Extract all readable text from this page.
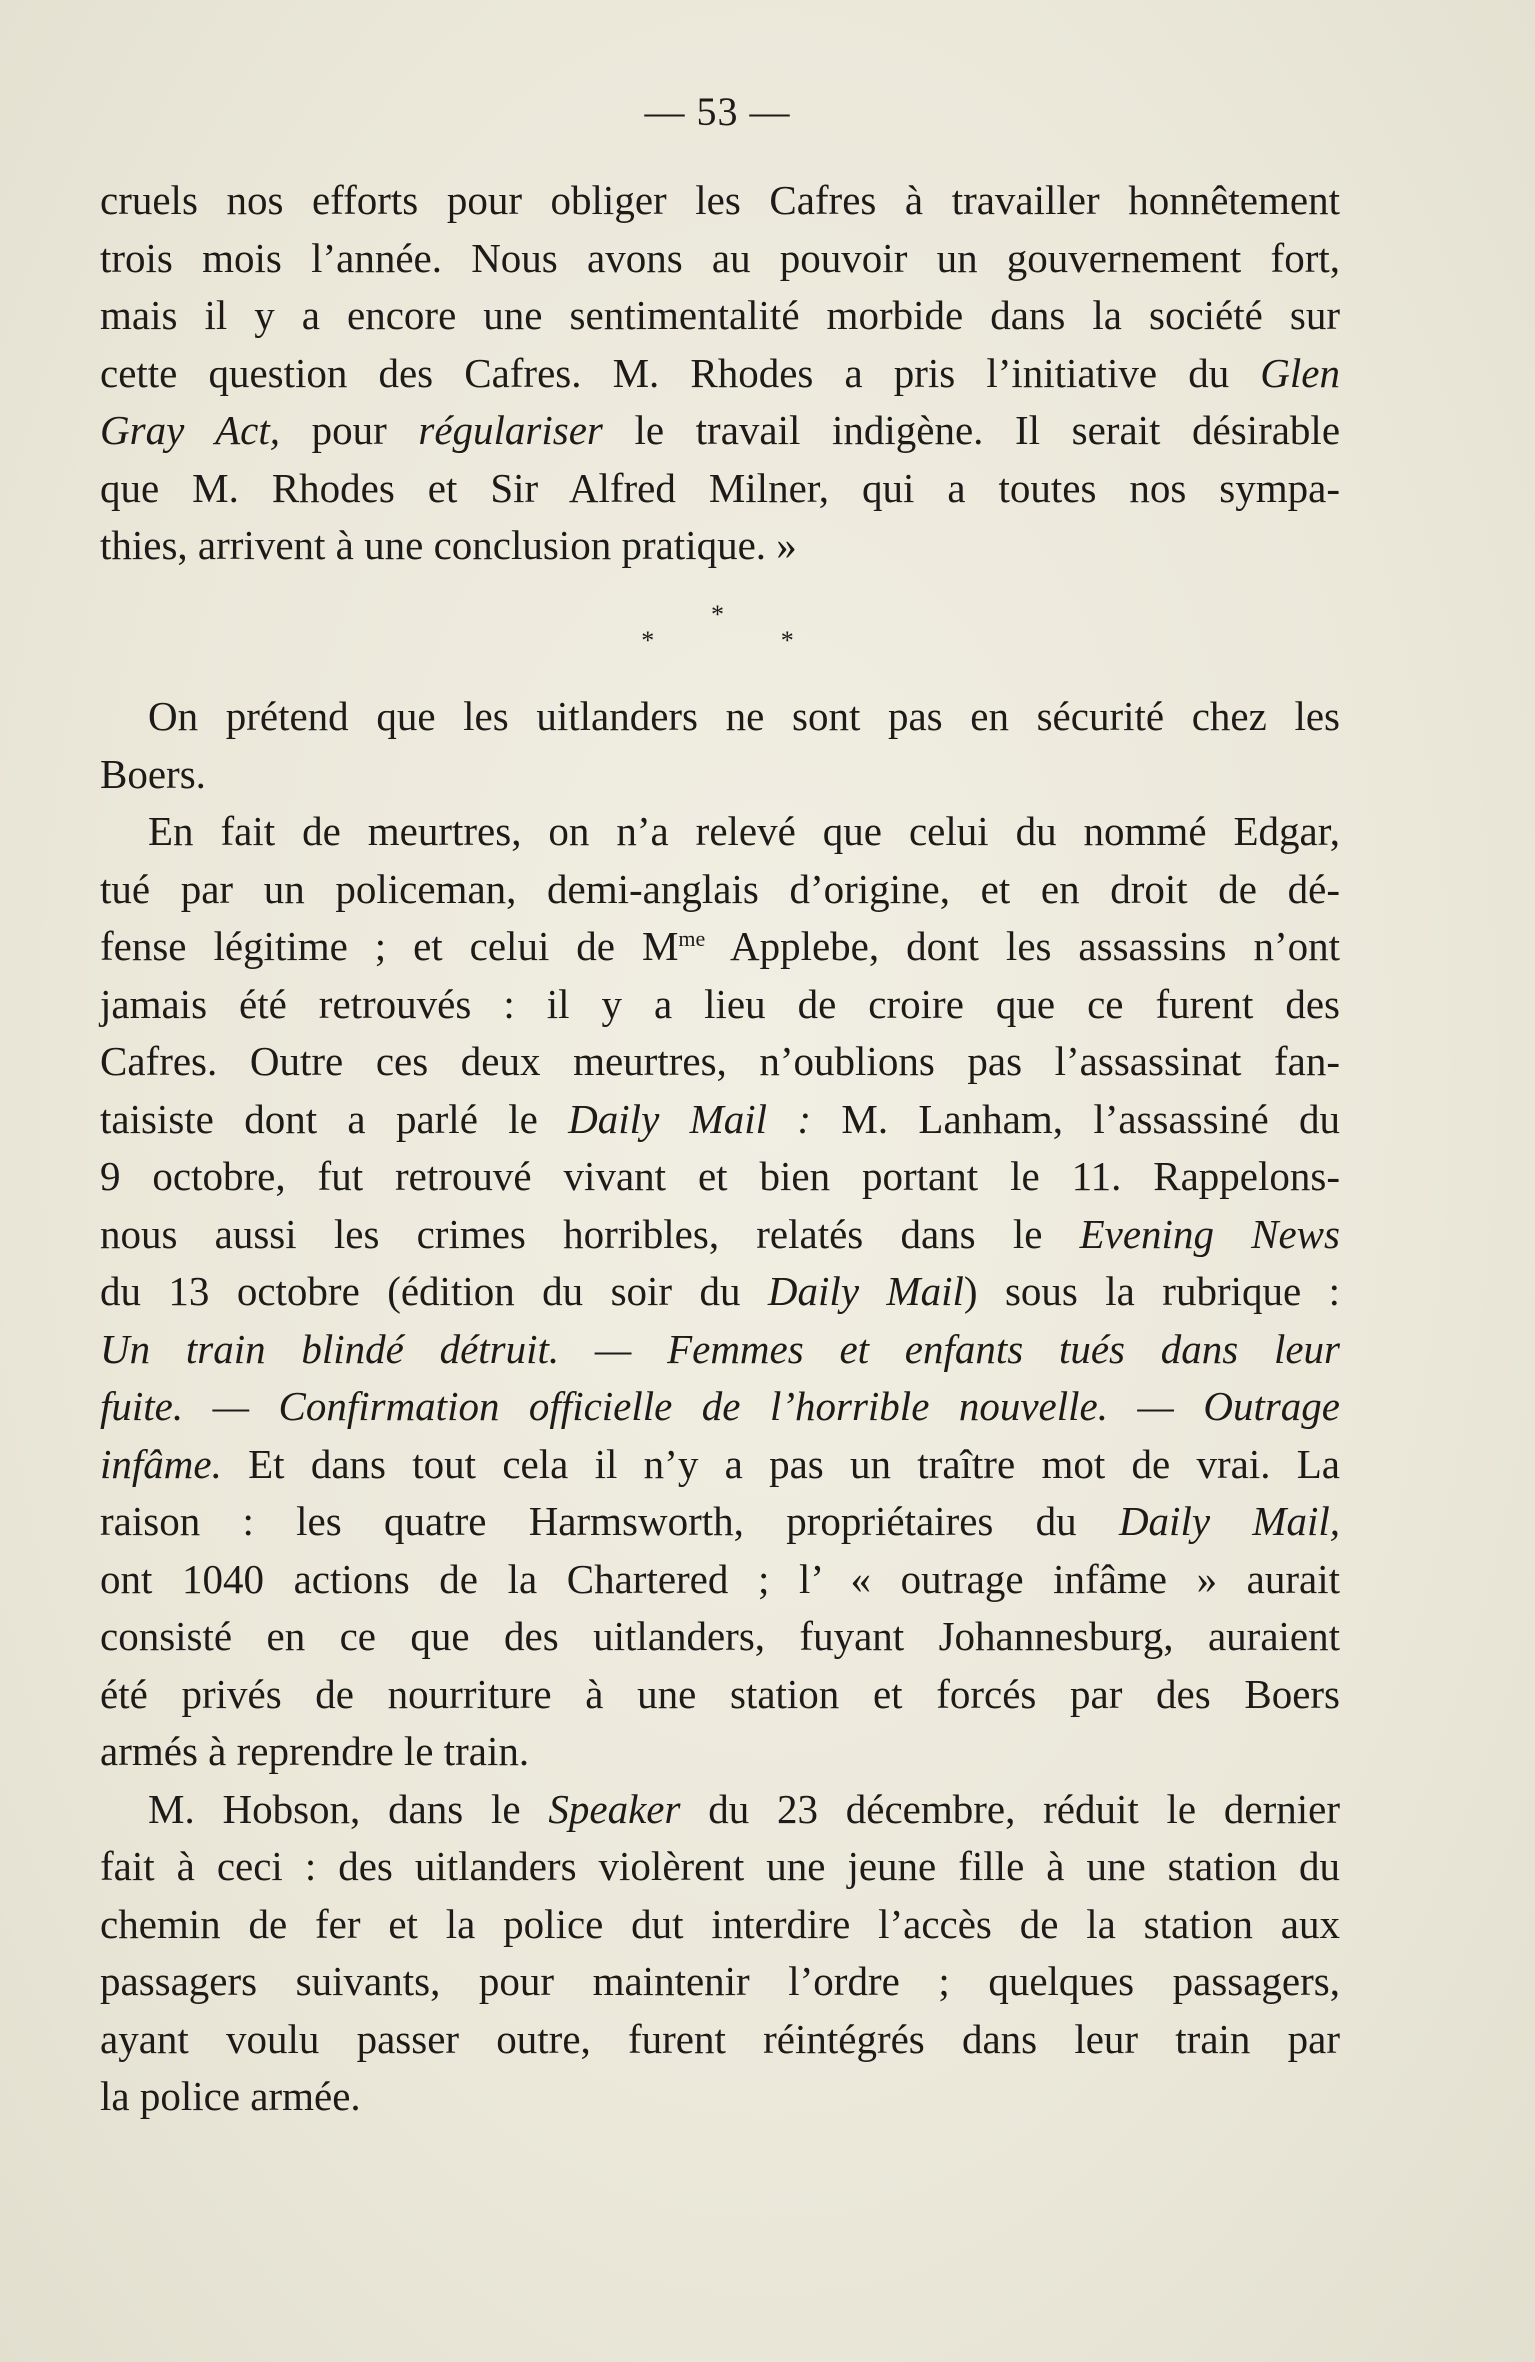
— 53 —
cruels nos efforts pour obliger les Cafres à travailler honnêtement
trois mois l’année. Nous avons au pouvoir un gouvernement fort,
mais il y a encore une sentimentalité morbide dans la société sur
cette question des Cafres. M. Rhodes a pris l’initiative du Glen
Gray Act, pour régulariser le travail indigène. Il serait désirable
que M. Rhodes et Sir Alfred Milner, qui a toutes nos sympa-
thies, arrivent à une conclusion pratique. »
*
* *
On prétend que les uitlanders ne sont pas en sécurité chez les
Boers.
En fait de meurtres, on n’a relevé que celui du nommé Edgar,
tué par un policeman, demi-anglais d’origine, et en droit de dé-
fense légitime ; et celui de $M^{me}$ Applebe, dont les assassins n’ont
jamais été retrouvés : il y a lieu de croire que ce furent des
Cafres. Outre ces deux meurtres, n’oublions pas l’assassinat fan-
taisiste dont a parlé le Daily Mail : M. Lanham, l’assassiné du
9 octobre, fut retrouvé vivant et bien portant le 11. Rappelons-
nous aussi les crimes horribles, relatés dans le Evening News
du 13 octobre (édition du soir du Daily Mail) sous la rubrique :
Un train blindé détruit. — Femmes et enfants tués dans leur
fuite. — Confirmation officielle de l’horrible nouvelle. — Outrage
infâme. Et dans tout cela il n’y a pas un traître mot de vrai. La
raison : les quatre Harmsworth, propriétaires du Daily Mail,
ont 1040 actions de la Chartered ; l’ « outrage infâme » aurait
consisté en ce que des uitlanders, fuyant Johannesburg, auraient
été privés de nourriture à une station et forcés par des Boers
armés à reprendre le train.
M. Hobson, dans le Speaker du 23 décembre, réduit le dernier
fait à ceci : des uitlanders violèrent une jeune fille à une station du
chemin de fer et la police dut interdire l’accès de la station aux
passagers suivants, pour maintenir l’ordre ; quelques passagers,
ayant voulu passer outre, furent réintégrés dans leur train par
la police armée.
